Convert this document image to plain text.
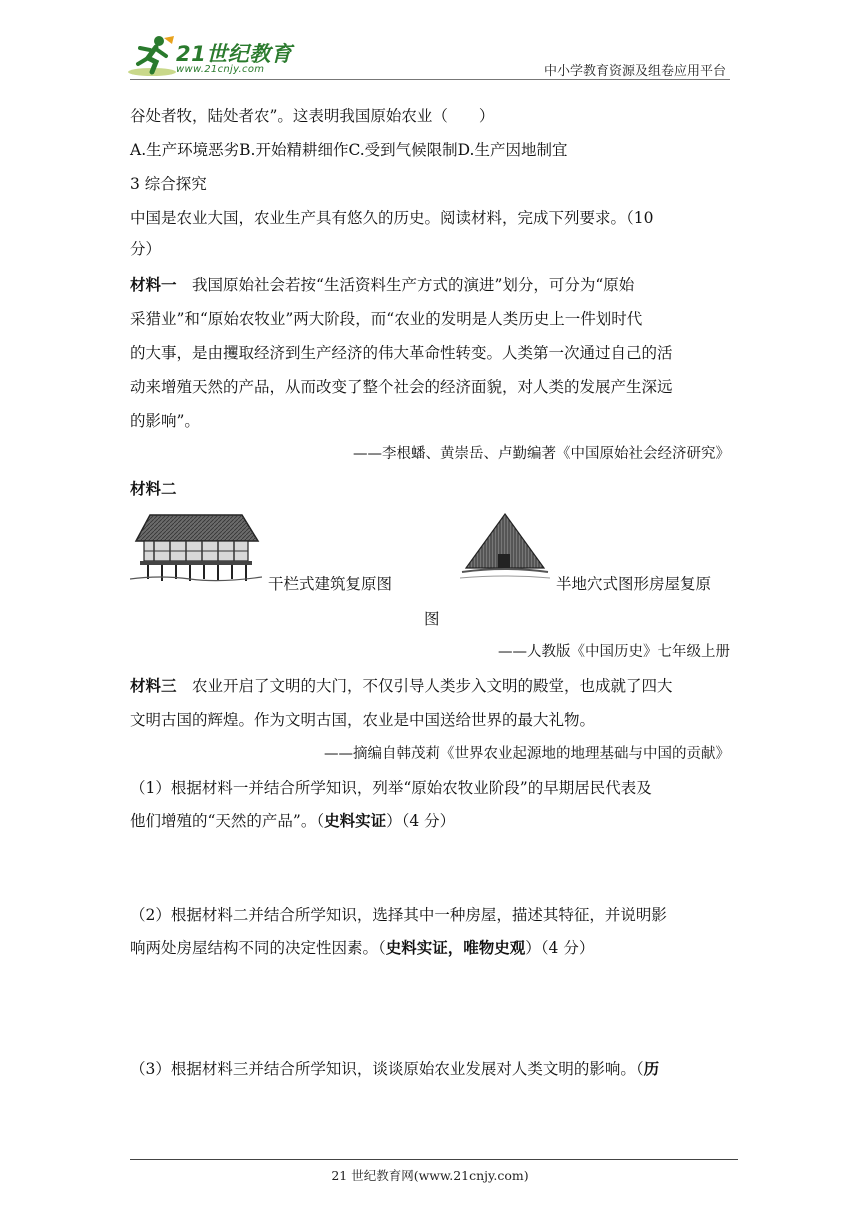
21世纪教育
www.21cnjy.com	中小学教育资源及组卷应用平台
谷处者牧，陆处者农”。这表明我国原始农业（　　）
A.生产环境恶劣B.开始精耕细作C.受到气候限制D.生产因地制宜
3 综合探究
中国是农业大国，农业生产具有悠久的历史。阅读材料，完成下列要求。（10
分）
材料一　我国原始社会若按“生活资料生产方式的演进”划分，可分为“原始
采猎业”和“原始农牧业”两大阶段，而“农业的发明是人类历史上一件划时代
的大事，是由攫取经济到生产经济的伟大革命性转变。人类第一次通过自己的活
动来增殖天然的产品，从而改变了整个社会的经济面貌，对人类的发展产生深远
的影响”。
——李根蟠、黄崇岳、卢勤编著《中国原始社会经济研究》
材料二
干栏式建筑复原图	半地穴式图形房屋复原
图
——人教版《中国历史》七年级上册
材料三　农业开启了文明的大门，不仅引导人类步入文明的殿堂，也成就了四大
文明古国的辉煌。作为文明古国，农业是中国送给世界的最大礼物。
——摘编自韩茂莉《世界农业起源地的地理基础与中国的贡献》
（1）根据材料一并结合所学知识，列举“原始农牧业阶段”的早期居民代表及
他们增殖的“天然的产品”。（史料实证）（4 分）
（2）根据材料二并结合所学知识，选择其中一种房屋，描述其特征，并说明影
响两处房屋结构不同的决定性因素。（史料实证，唯物史观）（4 分）
（3）根据材料三并结合所学知识，谈谈原始农业发展对人类文明的影响。（历
21 世纪教育网(www.21cnjy.com)
